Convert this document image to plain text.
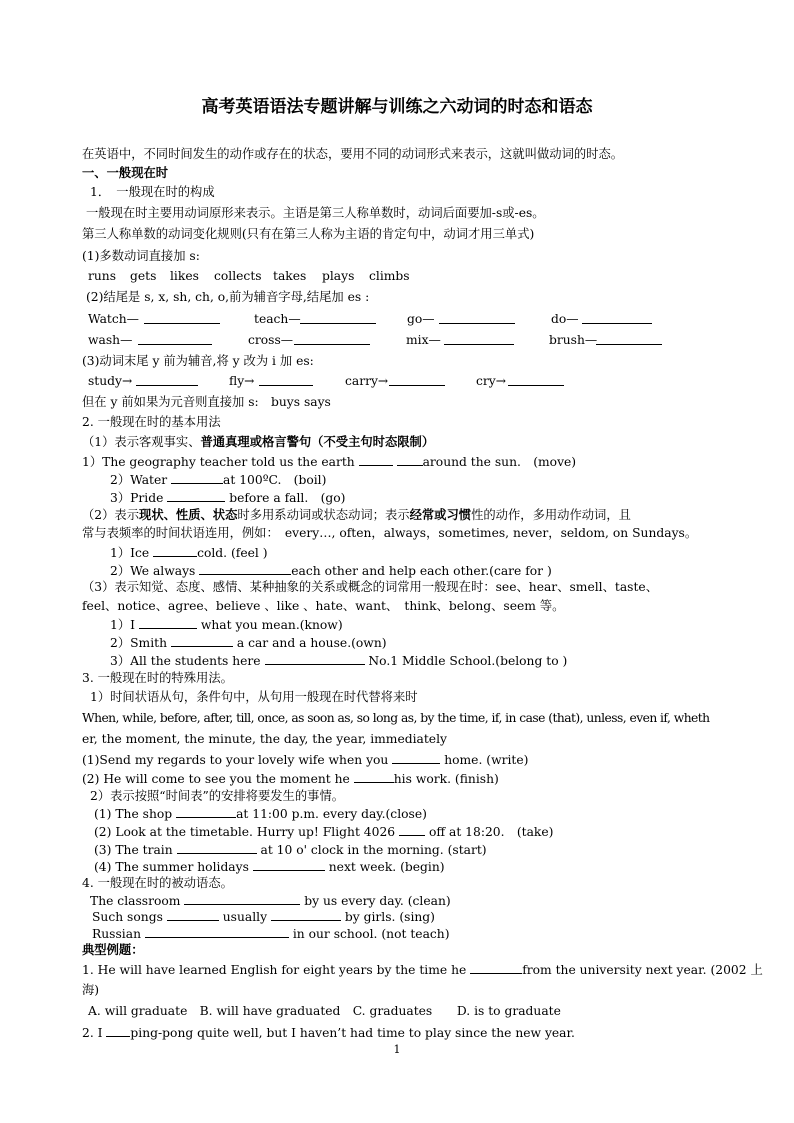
高考英语语法专题讲解与训练之六动词的时态和语态
在英语中，不同时间发生的动作或存在的状态，要用不同的动词形式来表示，这就叫做动词的时态。
一、一般现在时
1．　一般现在时的构成
一般现在时主要用动词原形来表示。主语是第三人称单数时，动词后面要加-s或-es。
第三人称单数的动词变化规则(只有在第三人称为主语的肯定句中，动词才用三单式)
(1)多数动词直接加 s:
runs gets likes collects takes plays climbs
(2)结尾是 s, x, sh, ch, o,前为辅音字母,结尾加 es :
Watch—	teach—	go—	do—
wash—	cross—	mix—	brush—
(3)动词末尾 y 前为辅音,将 y 改为 i 加 es:
study→	fly→	carry→	cry→
但在 y 前如果为元音则直接加 s:　buys says
2. 一般现在时的基本用法
（1）表示客观事实、普通真理或格言警句（不受主句时态限制）
1）The geography teacher told us the earth	around the sun.　(move)
2）Water	at 100ºC.　(boil)
3）Pride	before a fall.　(go)
（2）表示现状、性质、状态时多用系动词或状态动词；表示经常或习惯性的动作，多用动作动词，且
常与表频率的时间状语连用，例如：　every…, often，always，sometimes, never，seldom, on Sundays。
1）Ice	cold. (feel )
2）We always	each other and help each other.(care for )
（3）表示知觉、态度、感情、某种抽象的关系或概念的词常用一般现在时：see、hear、smell、taste、
feel、notice、agree、believe 、like 、hate、want、　think、belong、seem 等。
1）I	what you mean.(know)
2）Smith	a car and a house.(own)
3）All the students here	No.1 Middle School.(belong to )
3. 一般现在时的特殊用法。
1）时间状语从句，条件句中，从句用一般现在时代替将来时
When, while, before, after, till, once, as soon as, so long as, by the time, if, in case (that), unless, even if, wheth
er, the moment, the minute, the day, the year, immediately
(1)Send my regards to your lovely wife when you	home. (write)
(2) He will come to see you the moment he	his work. (finish)
2）表示按照“时间表”的安排将要发生的事情。
(1) The shop	at 11:00 p.m. every day.(close)
(2) Look at the timetable. Hurry up! Flight 4026	off at 18:20.　(take)
(3) The train	at 10 o' clock in the morning. (start)
(4) The summer holidays	next week. (begin)
4. 一般现在时的被动语态。
The classroom	by us every day. (clean)
Such songs	usually	by girls. (sing)
Russian	in our school. (not teach)
典型例题：
1. He will have learned English for eight years by the time he	from the university next year. (2002 上
海)
A. will graduate　B. will have graduated　C. graduates　　D. is to graduate
2. I ping-pong quite well, but I haven’t had time to play since the new year.
1
